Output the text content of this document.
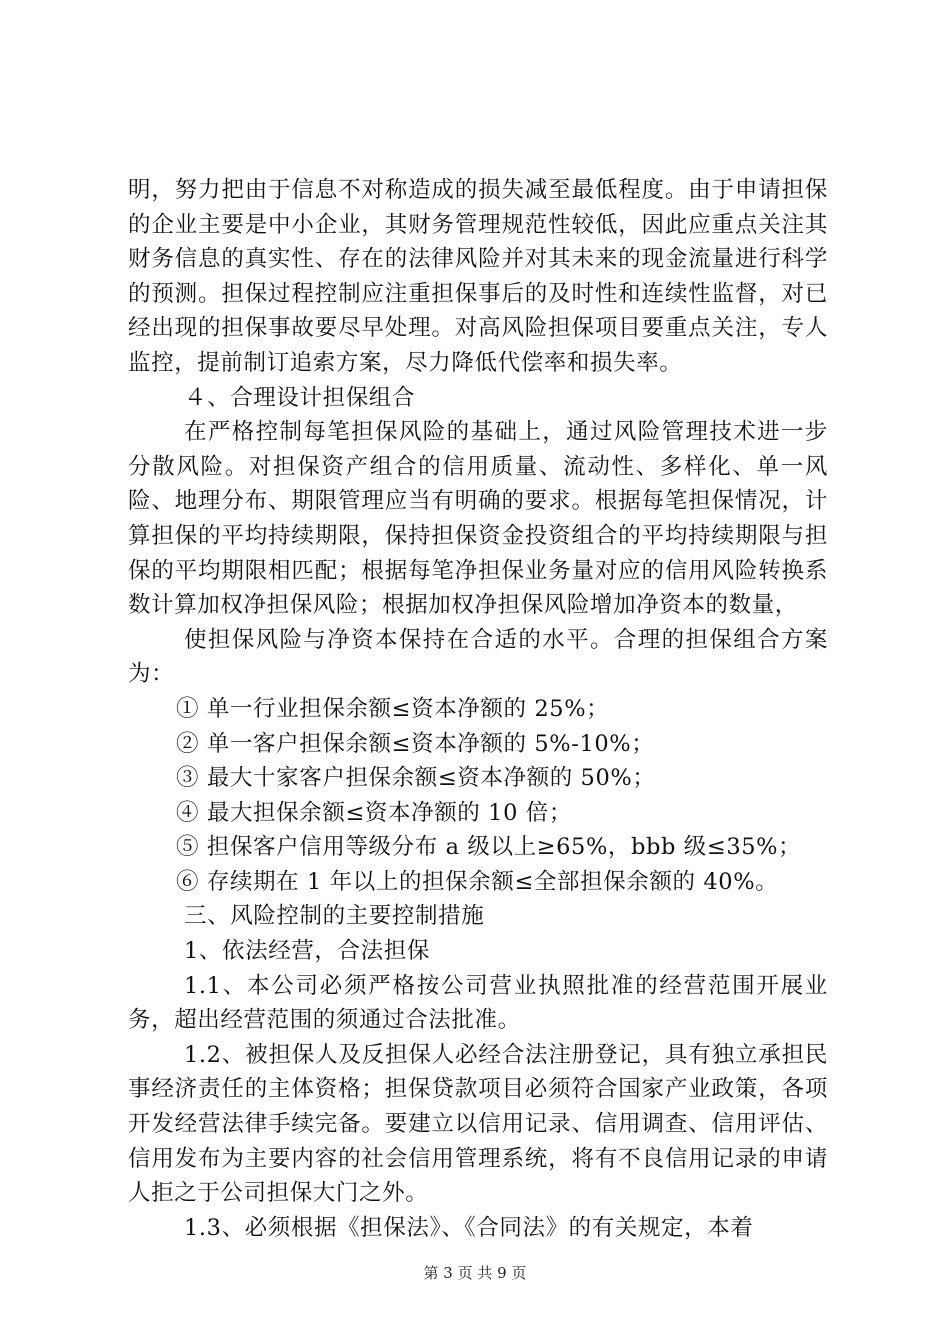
明，努力把由于信息不对称造成的损失减至最低程度。由于申请担保的企业主要是中小企业，其财务管理规范性较低，因此应重点关注其财务信息的真实性、存在的法律风险并对其未来的现金流量进行科学的预测。担保过程控制应注重担保事后的及时性和连续性监督，对已经出现的担保事故要尽早处理。对高风险担保项目要重点关注，专人监控，提前制订追索方案，尽力降低代偿率和损失率。

４、合理设计担保组合

在严格控制每笔担保风险的基础上，通过风险管理技术进一步分散风险。对担保资产组合的信用质量、流动性、多样化、单一风险、地理分布、期限管理应当有明确的要求。根据每笔担保情况，计算担保的平均持续期限，保持担保资金投资组合的平均持续期限与担保的平均期限相匹配；根据每笔净担保业务量对应的信用风险转换系数计算加权净担保风险；根据加权净担保风险增加净资本的数量，

使担保风险与净资本保持在合适的水平。合理的担保组合方案为：

① 单一行业担保余额≤资本净额的 25%；

② 单一客户担保余额≤资本净额的 5%-10%；

③ 最大十家客户担保余额≤资本净额的 50%；

④ 最大担保余额≤资本净额的 10 倍；

⑤ 担保客户信用等级分布 a 级以上≥65%，bbb 级≤35%；

⑥ 存续期在 1 年以上的担保余额≤全部担保余额的 40%。

三、风险控制的主要控制措施

1、依法经营，合法担保

1.1、本公司必须严格按公司营业执照批准的经营范围开展业务，超出经营范围的须通过合法批准。

1.2、被担保人及反担保人必经合法注册登记，具有独立承担民事经济责任的主体资格；担保贷款项目必须符合国家产业政策，各项开发经营法律手续完备。要建立以信用记录、信用调查、信用评估、信用发布为主要内容的社会信用管理系统，将有不良信用记录的申请人拒之于公司担保大门之外。

1.3、必须根据《担保法》、《合同法》的有关规定，本着

第 3 页 共 9 页
